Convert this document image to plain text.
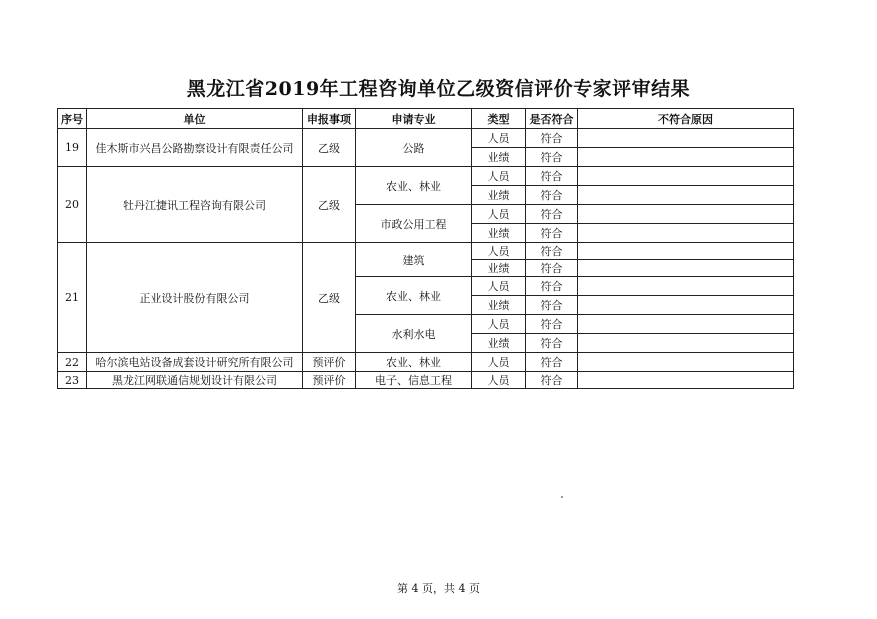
黑龙江省2019年工程咨询单位乙级资信评价专家评审结果
序号	单位	申报事项	申请专业	类型	是否符合	不符合原因
19	佳木斯市兴昌公路勘察设计有限责任公司	乙级	公路	人员	符合	
				业绩	符合	
20	牡丹江捷讯工程咨询有限公司	乙级	农业、林业	人员	符合	
				业绩	符合	
			市政公用工程	人员	符合	
				业绩	符合	
21	正业设计股份有限公司	乙级	建筑	人员	符合	
				业绩	符合	
			农业、林业	人员	符合	
				业绩	符合	
			水利水电	人员	符合	
				业绩	符合	
22	哈尔滨电站设备成套设计研究所有限公司	预评价	农业、林业	人员	符合	
23	黑龙江网联通信规划设计有限公司	预评价	电子、信息工程	人员	符合	
第 4 页，共 4 页
